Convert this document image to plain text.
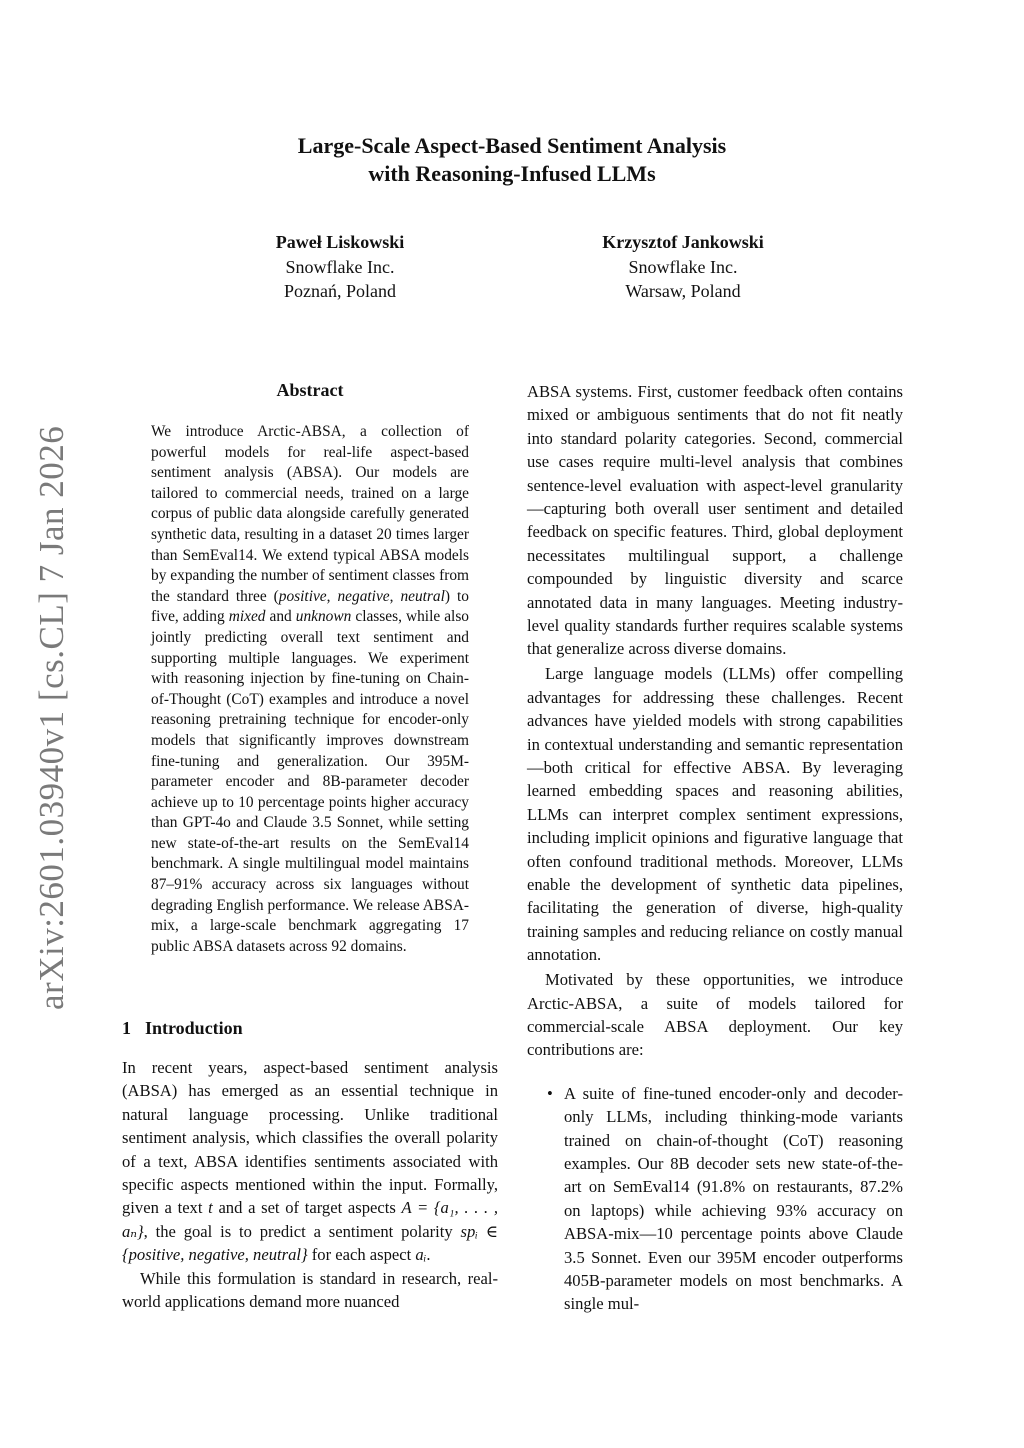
arXiv:2601.03940v1 [cs.CL] 7 Jan 2026
Large-Scale Aspect-Based Sentiment Analysis
with Reasoning-Infused LLMs
Paweł Liskowski
Snowflake Inc.
Poznań, Poland
Krzysztof Jankowski
Snowflake Inc.
Warsaw, Poland
Abstract
We introduce Arctic-ABSA, a collection of powerful models for real-life aspect-based sentiment analysis (ABSA). Our models are tailored to commercial needs, trained on a large corpus of public data alongside carefully generated synthetic data, resulting in a dataset 20 times larger than SemEval14. We extend typical ABSA models by expanding the number of sentiment classes from the standard three (positive, negative, neutral) to five, adding mixed and unknown classes, while also jointly predicting overall text sentiment and supporting multiple languages. We experiment with reasoning injection by fine-tuning on Chain-of-Thought (CoT) examples and introduce a novel reasoning pretraining technique for encoder-only models that significantly improves downstream fine-tuning and generalization. Our 395M-parameter encoder and 8B-parameter decoder achieve up to 10 percentage points higher accuracy than GPT-4o and Claude 3.5 Sonnet, while setting new state-of-the-art results on the SemEval14 benchmark. A single multilingual model maintains 87–91% accuracy across six languages without degrading English performance. We release ABSA-mix, a large-scale benchmark aggregating 17 public ABSA datasets across 92 domains.
1 Introduction

In recent years, aspect-based sentiment analysis (ABSA) has emerged as an essential technique in natural language processing. Unlike traditional sentiment analysis, which classifies the overall polarity of a text, ABSA identifies sentiments associated with specific aspects mentioned within the input. Formally, given a text t and a set of target aspects A = {a₁, . . . , aₙ}, the goal is to predict a sentiment polarity spᵢ ∈ {positive, negative, neutral} for each aspect aᵢ.

While this formulation is standard in research, real-world applications demand more nuanced

ABSA systems. First, customer feedback often contains mixed or ambiguous sentiments that do not fit neatly into standard polarity categories. Second, commercial use cases require multi-level analysis that combines sentence-level evaluation with aspect-level granularity—capturing both overall user sentiment and detailed feedback on specific features. Third, global deployment necessitates multilingual support, a challenge compounded by linguistic diversity and scarce annotated data in many languages. Meeting industry-level quality standards further requires scalable systems that generalize across diverse domains.

Large language models (LLMs) offer compelling advantages for addressing these challenges. Recent advances have yielded models with strong capabilities in contextual understanding and semantic representation—both critical for effective ABSA. By leveraging learned embedding spaces and reasoning abilities, LLMs can interpret complex sentiment expressions, including implicit opinions and figurative language that often confound traditional methods. Moreover, LLMs enable the development of synthetic data pipelines, facilitating the generation of diverse, high-quality training samples and reducing reliance on costly manual annotation.

Motivated by these opportunities, we introduce Arctic-ABSA, a suite of models tailored for commercial-scale ABSA deployment. Our key contributions are:

• A suite of fine-tuned encoder-only and decoder-only LLMs, including thinking-mode variants trained on chain-of-thought (CoT) reasoning examples. Our 8B decoder sets new state-of-the-art on SemEval14 (91.8% on restaurants, 87.2% on laptops) while achieving 93% accuracy on ABSA-mix—10 percentage points above Claude 3.5 Sonnet. Even our 395M encoder outperforms 405B-parameter models on most benchmarks. A single mul-
